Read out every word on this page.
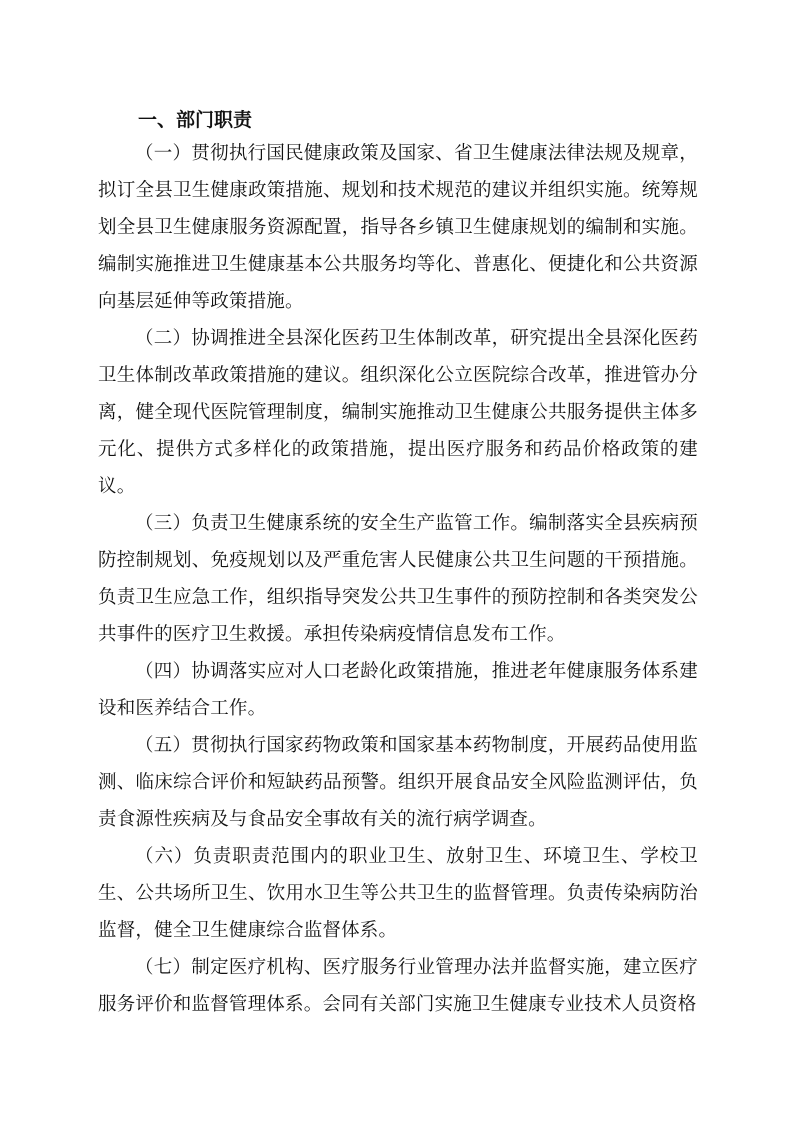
一、部门职责

（一）贯彻执行国民健康政策及国家、省卫生健康法律法规及规章，拟订全县卫生健康政策措施、规划和技术规范的建议并组织实施。统筹规划全县卫生健康服务资源配置，指导各乡镇卫生健康规划的编制和实施。编制实施推进卫生健康基本公共服务均等化、普惠化、便捷化和公共资源向基层延伸等政策措施。

（二）协调推进全县深化医药卫生体制改革，研究提出全县深化医药卫生体制改革政策措施的建议。组织深化公立医院综合改革，推进管办分离，健全现代医院管理制度，编制实施推动卫生健康公共服务提供主体多元化、提供方式多样化的政策措施，提出医疗服务和药品价格政策的建议。

（三）负责卫生健康系统的安全生产监管工作。编制落实全县疾病预防控制规划、免疫规划以及严重危害人民健康公共卫生问题的干预措施。负责卫生应急工作，组织指导突发公共卫生事件的预防控制和各类突发公共事件的医疗卫生救援。承担传染病疫情信息发布工作。

（四）协调落实应对人口老龄化政策措施，推进老年健康服务体系建设和医养结合工作。

（五）贯彻执行国家药物政策和国家基本药物制度，开展药品使用监测、临床综合评价和短缺药品预警。组织开展食品安全风险监测评估，负责食源性疾病及与食品安全事故有关的流行病学调查。

（六）负责职责范围内的职业卫生、放射卫生、环境卫生、学校卫生、公共场所卫生、饮用水卫生等公共卫生的监督管理。负责传染病防治监督，健全卫生健康综合监督体系。

（七）制定医疗机构、医疗服务行业管理办法并监督实施，建立医疗服务评价和监督管理体系。会同有关部门实施卫生健康专业技术人员资格
